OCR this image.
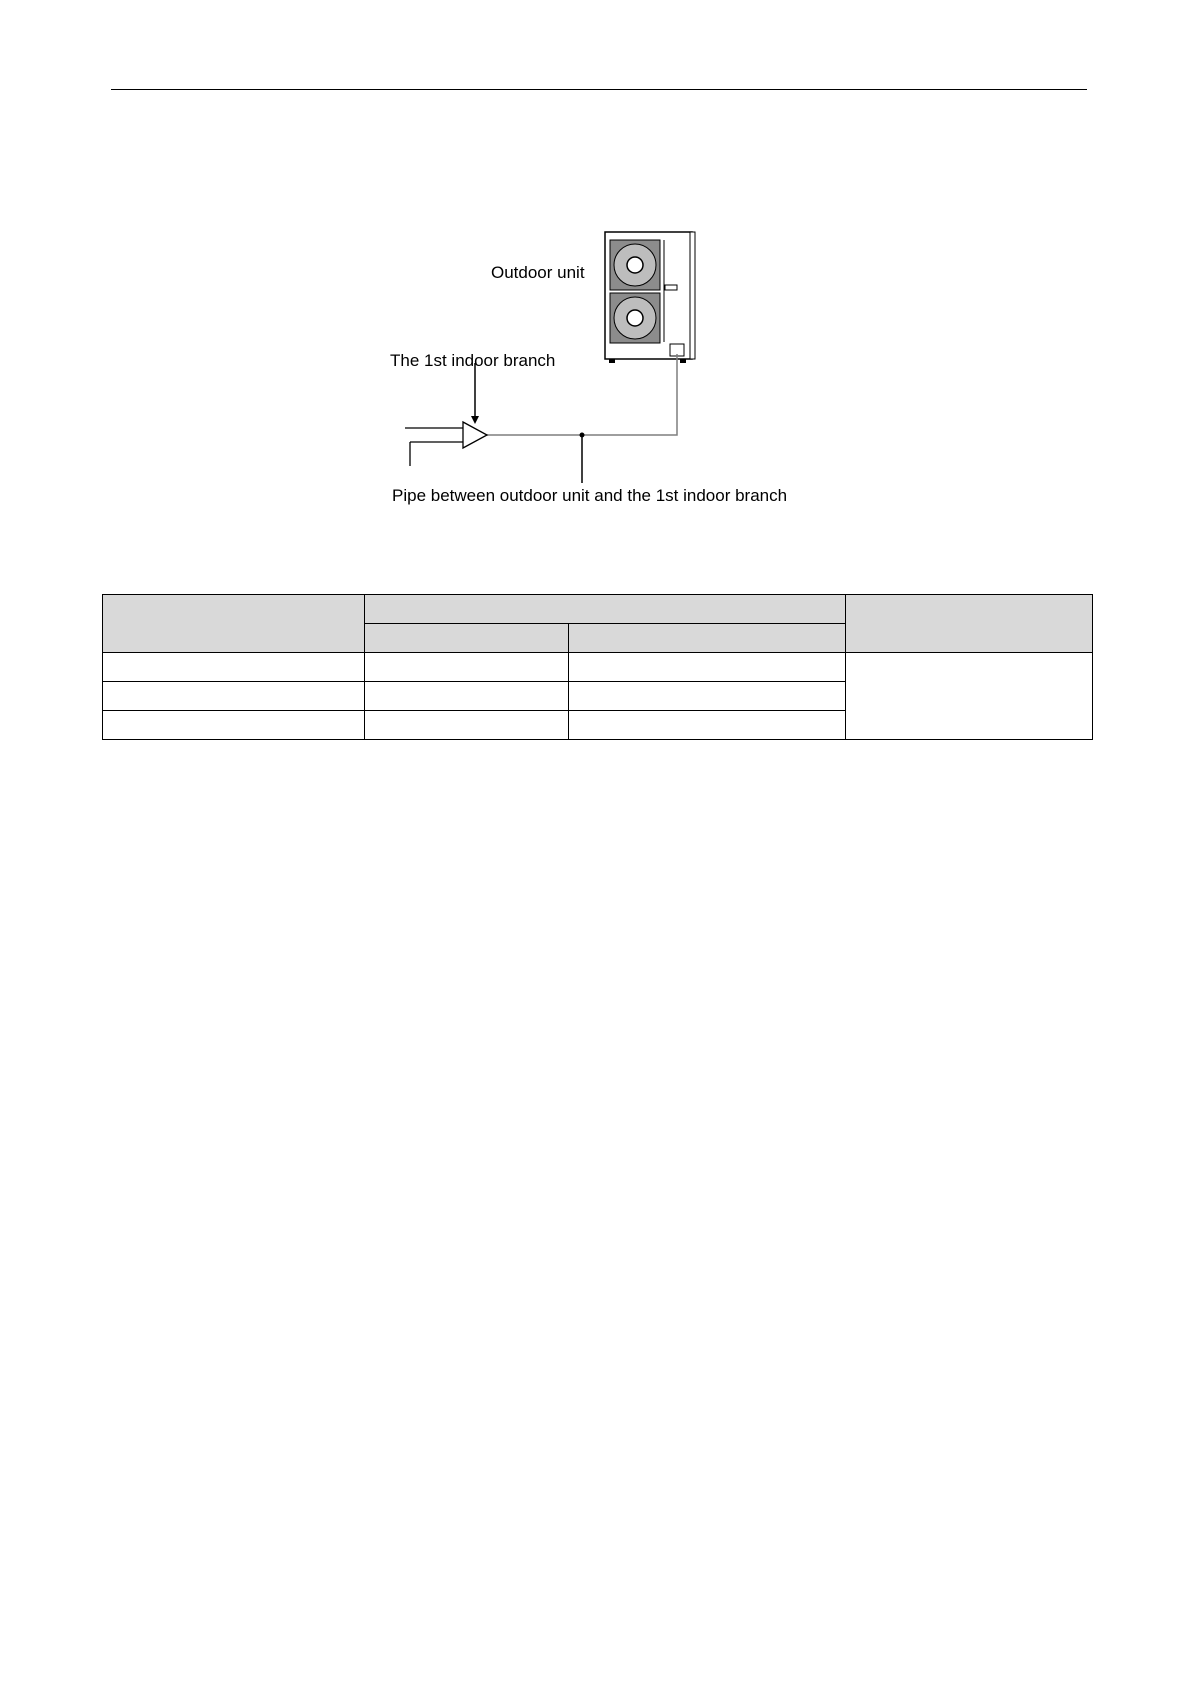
Outdoor unit
The 1st indoor branch
Pipe between outdoor unit and the 1st indoor branch
